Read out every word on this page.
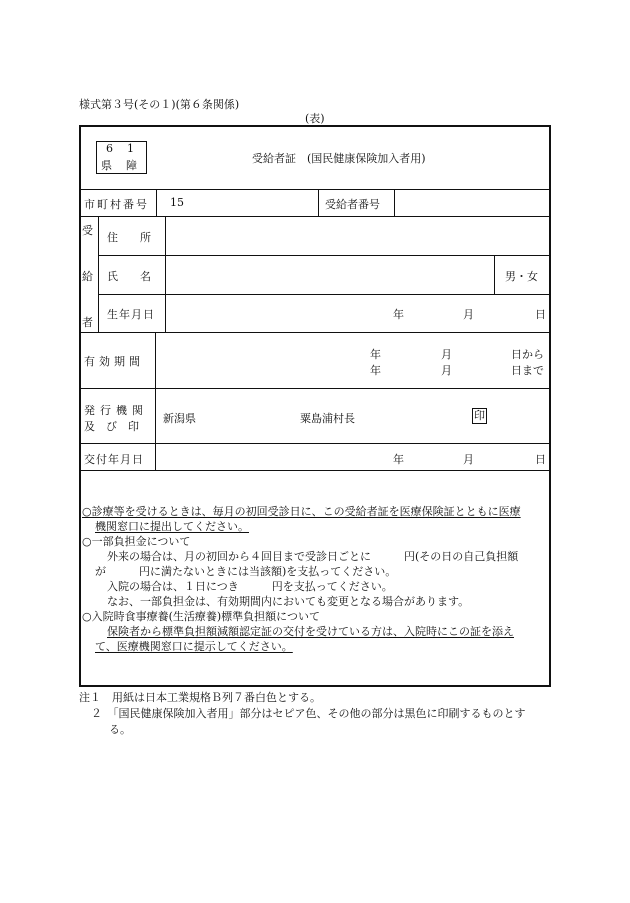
様式第３号(その１)(第６条関係)
(表)
6 1
県 障
受給者証　(国民健康保険加入者用)
市町村番号 15	受給者番号
受
給
者
住　　所
氏　　名	男・女
生年月日	年	月	日
有効期間
年	月	日から
年	月	日まで
発行機関
及び印
新潟県	粟島浦村長	印
交付年月日	年	月	日
○診療等を受けるときは、毎月の初回受診日に、この受給者証を医療保険証とともに医療
機関窓口に提出してください。
○一部負担金について
外来の場合は、月の初回から４回目まで受診日ごとに　　　円(その日の自己負担額
が　　　円に満たないときには当該額)を支払ってください。
入院の場合は、１日につき　　　円を支払ってください。
なお、一部負担金は、有効期間内においても変更となる場合があります。
○入院時食事療養(生活療養)標準負担額について
保険者から標準負担額減額認定証の交付を受けている方は、入院時にこの証を添え
て、医療機関窓口に提示してください。
注１　用紙は日本工業規格Ｂ列７番白色とする。
２　「国民健康保険加入者用」部分はセピア色、その他の部分は黒色に印刷するものとす
る。
